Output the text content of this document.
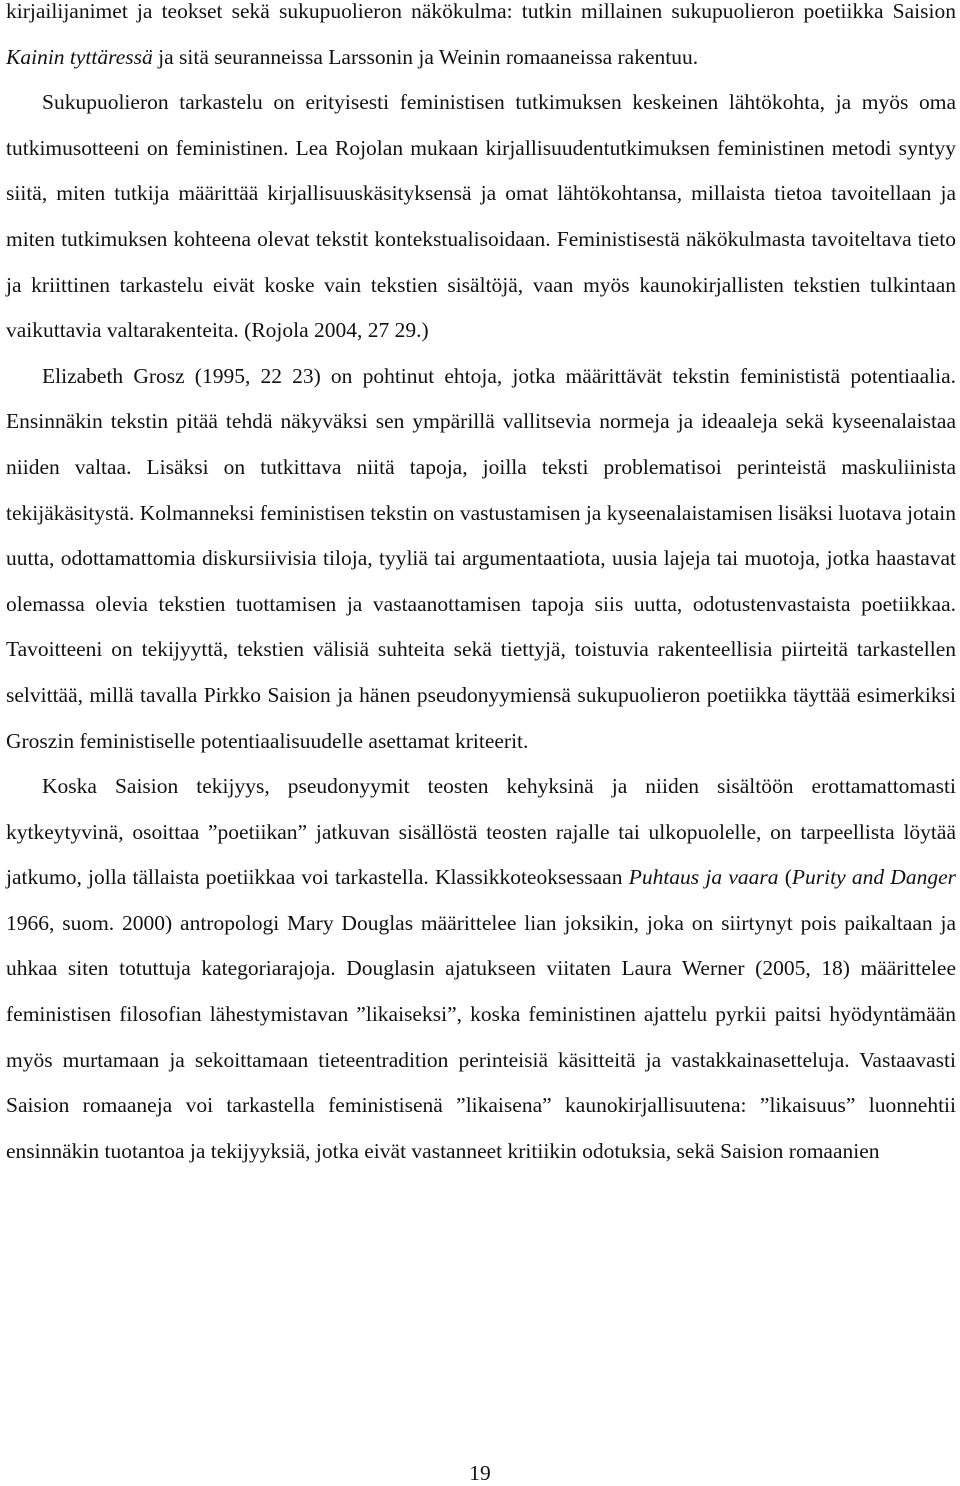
kirjailijanimet ja teokset sekä sukupuolieron näkökulma: tutkin millainen sukupuolieron poetiikka Saision Kainin tyttäressä ja sitä seuranneissa Larssonin ja Weinin romaaneissa rakentuu.

Sukupuolieron tarkastelu on erityisesti feministisen tutkimuksen keskeinen lähtökohta, ja myös oma tutkimusotteeni on feministinen. Lea Rojolan mukaan kirjallisuudentutkimuksen feministinen metodi syntyy siitä, miten tutkija määrittää kirjallisuuskäsityksensä ja omat lähtökohtansa, millaista tietoa tavoitellaan ja miten tutkimuksen kohteena olevat tekstit kontekstualisoidaan. Feministisestä näkökulmasta tavoiteltava tieto ja kriittinen tarkastelu eivät koske vain tekstien sisältöjä, vaan myös kaunokirjallisten tekstien tulkintaan vaikuttavia valtarakenteita. (Rojola 2004, 27 29.)

Elizabeth Grosz (1995, 22 23) on pohtinut ehtoja, jotka määrittävät tekstin feminististä potentiaalia. Ensinnäkin tekstin pitää tehdä näkyväksi sen ympärillä vallitsevia normeja ja ideaaleja sekä kyseenalaistaa niiden valtaa. Lisäksi on tutkittava niitä tapoja, joilla teksti problematisoi perinteistä maskuliinista tekijäkäsitystä. Kolmanneksi feministisen tekstin on vastustamisen ja kyseenalaistamisen lisäksi luotava jotain uutta, odottamattomia diskursiivisia tiloja, tyyliä tai argumentaatiota, uusia lajeja tai muotoja, jotka haastavat olemassa olevia tekstien tuottamisen ja vastaanottamisen tapoja siis uutta, odotustenvastaista poetiikkaa. Tavoitteeni on tekijyyttä, tekstien välisiä suhteita sekä tiettyjä, toistuvia rakenteellisia piirteitä tarkastellen selvittää, millä tavalla Pirkko Saision ja hänen pseudonyymiensä sukupuolieron poetiikka täyttää esimerkiksi Groszin feministiselle potentiaalisuudelle asettamat kriteerit.

Koska Saision tekijyys, pseudonyymit teosten kehyksinä ja niiden sisältöön erottamattomasti kytkeytyvinä, osoittaa ”poetiikan” jatkuvan sisällöstä teosten rajalle tai ulkopuolelle, on tarpeellista löytää jatkumo, jolla tällaista poetiikkaa voi tarkastella. Klassikkoteoksessaan Puhtaus ja vaara (Purity and Danger 1966, suom. 2000) antropologi Mary Douglas määrittelee lian joksikin, joka on siirtynyt pois paikaltaan ja uhkaa siten totuttuja kategoriarajoja. Douglasin ajatukseen viitaten Laura Werner (2005, 18) määrittelee feministisen filosofian lähestymistavan ”likaiseksi”, koska feministinen ajattelu pyrkii paitsi hyödyntämään myös murtamaan ja sekoittamaan tieteentradition perinteisiä käsitteitä ja vastakkainasetteluja. Vastaavasti Saision romaaneja voi tarkastella feministisenä ”likaisena” kaunokirjallisuutena: ”likaisuus” luonnehtii ensinnäkin tuotantoa ja tekijyyksiä, jotka eivät vastanneet kritiikin odotuksia, sekä Saision romaanien

19
